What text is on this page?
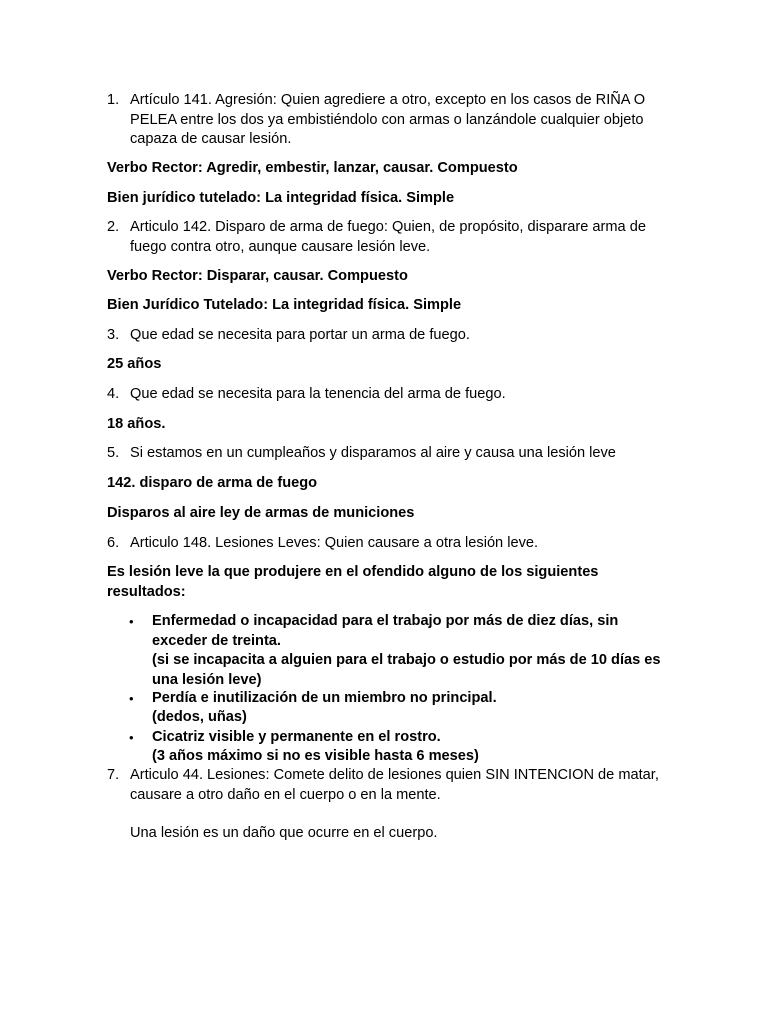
1. Artículo 141. Agresión: Quien agrediere a otro, excepto en los casos de RIÑA O PELEA entre los dos ya embistiéndolo con armas o lanzándole cualquier objeto capaza de causar lesión.

Verbo Rector: Agredir, embestir, lanzar, causar. Compuesto

Bien jurídico tutelado: La integridad física. Simple

2. Articulo 142. Disparo de arma de fuego: Quien, de propósito, disparare arma de fuego contra otro, aunque causare lesión leve.

Verbo Rector: Disparar, causar. Compuesto

Bien Jurídico Tutelado: La integridad física. Simple

3. Que edad se necesita para portar un arma de fuego.

25 años

4. Que edad se necesita para la tenencia del arma de fuego.

18 años.

5. Si estamos en un cumpleaños y disparamos al aire y causa una lesión leve

142. disparo de arma de fuego

Disparos al aire ley de armas de municiones

6. Articulo 148. Lesiones Leves: Quien causare a otra lesión leve.

Es lesión leve la que produjere en el ofendido alguno de los siguientes resultados:

• Enfermedad o incapacidad para el trabajo por más de diez días, sin exceder de treinta.

(si se incapacita a alguien para el trabajo o estudio por más de 10 días es una lesión leve)

• Perdía e inutilización de un miembro no principal.

(dedos, uñas)

• Cicatriz visible y permanente en el rostro.

(3 años máximo si no es visible hasta 6 meses)

7. Articulo 44. Lesiones: Comete delito de lesiones quien SIN INTENCION de matar, causare a otro daño en el cuerpo o en la mente.

Una lesión es un daño que ocurre en el cuerpo.
